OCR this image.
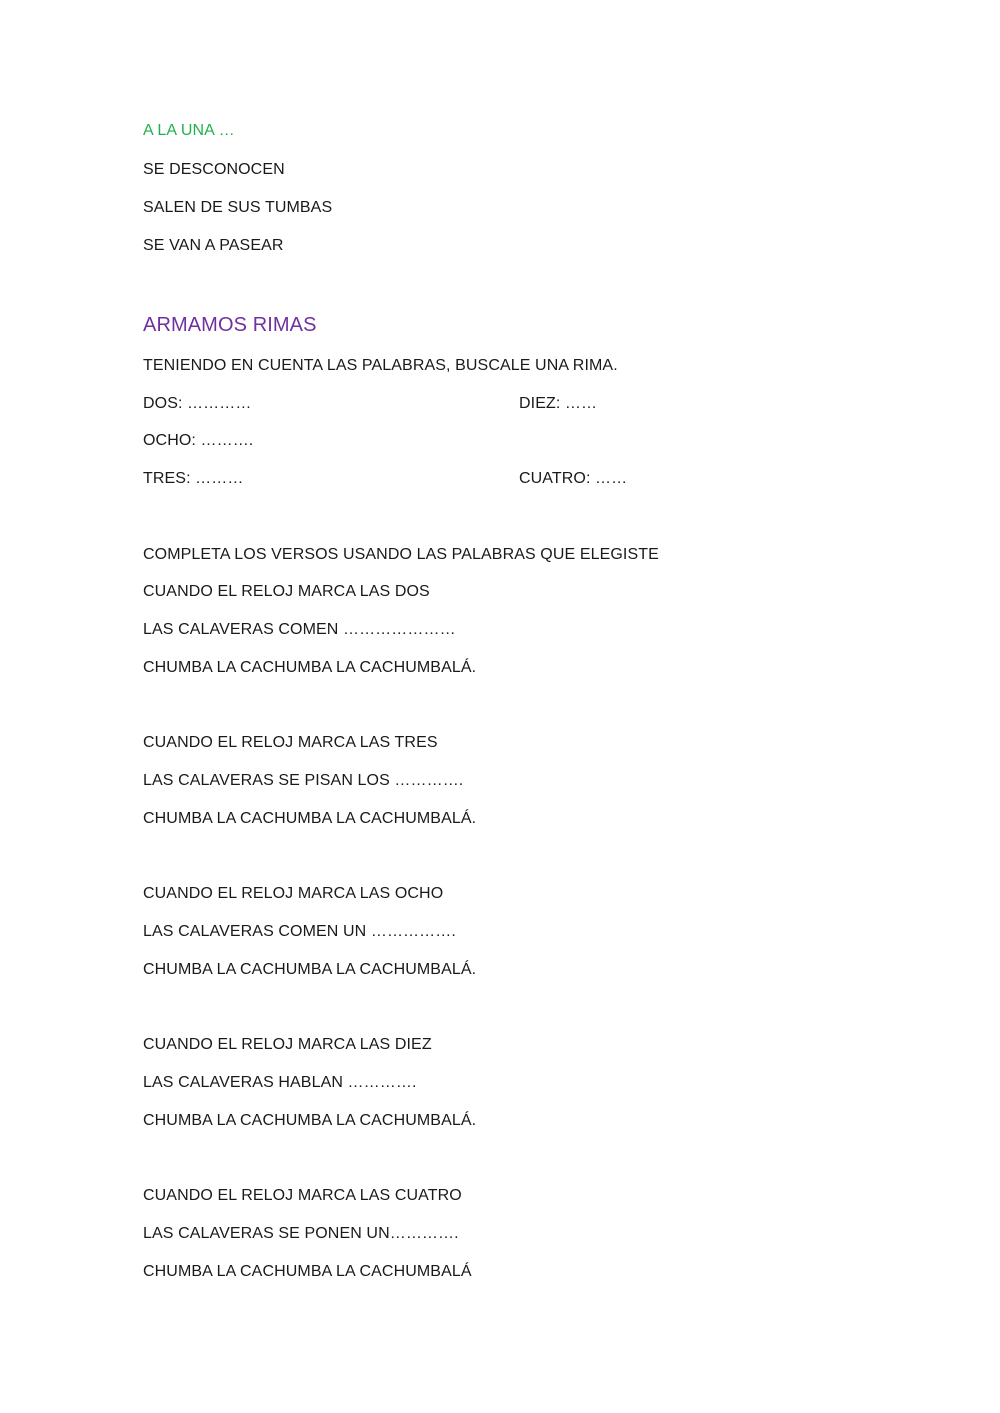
A LA UNA …
SE DESCONOCEN
SALEN DE SUS TUMBAS
SE VAN A PASEAR
ARMAMOS RIMAS
TENIENDO EN CUENTA LAS PALABRAS, BUSCALE UNA RIMA.
DOS: …………	DIEZ: ……
OCHO: ……….
TRES: ………	CUATRO: ……
COMPLETA LOS VERSOS USANDO LAS PALABRAS QUE ELEGISTE
CUANDO EL RELOJ MARCA LAS DOS
LAS CALAVERAS COMEN …………………
CHUMBA LA CACHUMBA LA CACHUMBALÁ.
CUANDO EL RELOJ MARCA LAS TRES
LAS CALAVERAS SE PISAN LOS ………….
CHUMBA LA CACHUMBA LA CACHUMBALÁ.
CUANDO EL RELOJ MARCA LAS OCHO
LAS CALAVERAS COMEN UN …………….
CHUMBA LA CACHUMBA LA CACHUMBALÁ.
CUANDO EL RELOJ MARCA LAS DIEZ
LAS CALAVERAS HABLAN ………….
CHUMBA LA CACHUMBA LA CACHUMBALÁ.
CUANDO EL RELOJ MARCA LAS CUATRO
LAS CALAVERAS SE PONEN UN………….
CHUMBA LA CACHUMBA LA CACHUMBALÁ
